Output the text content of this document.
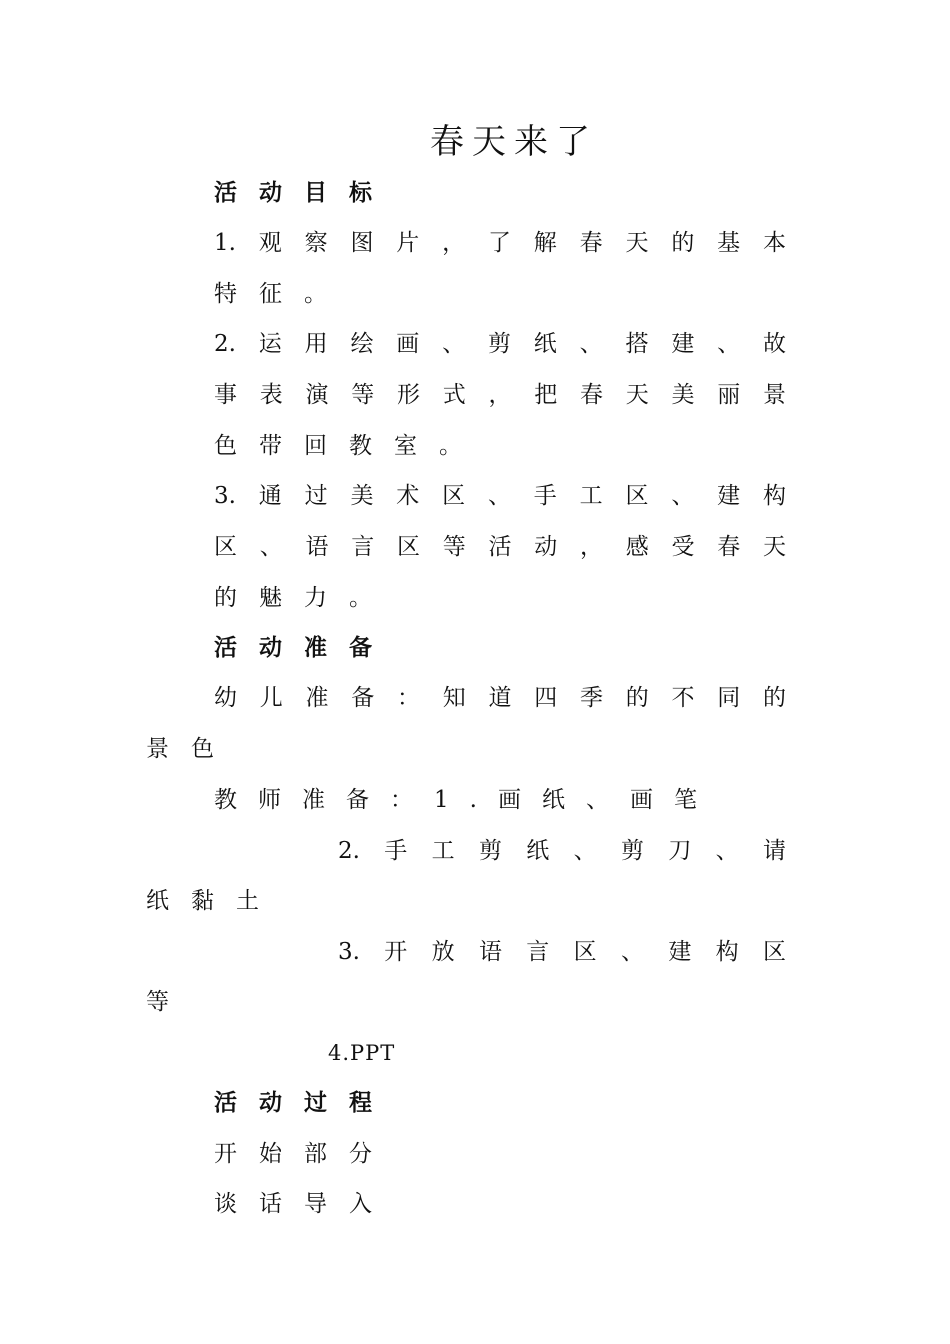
春天来了
活动目标
1.观察图片，了解春天的基本
特征。
2.运用绘画、剪纸、搭建、故
事表演等形式，把春天美丽景
色带回教室。
3.通过美术区、手工区、建构
区、语言区等活动，感受春天
的魅力。
活动准备
幼儿准备：知道四季的不同的
景色
教师准备：1.画纸、画笔
2.手工剪纸、剪刀、请
纸黏土
3.开放语言区、建构区
等
4.PPT
活动过程
开始部分
谈话导入
